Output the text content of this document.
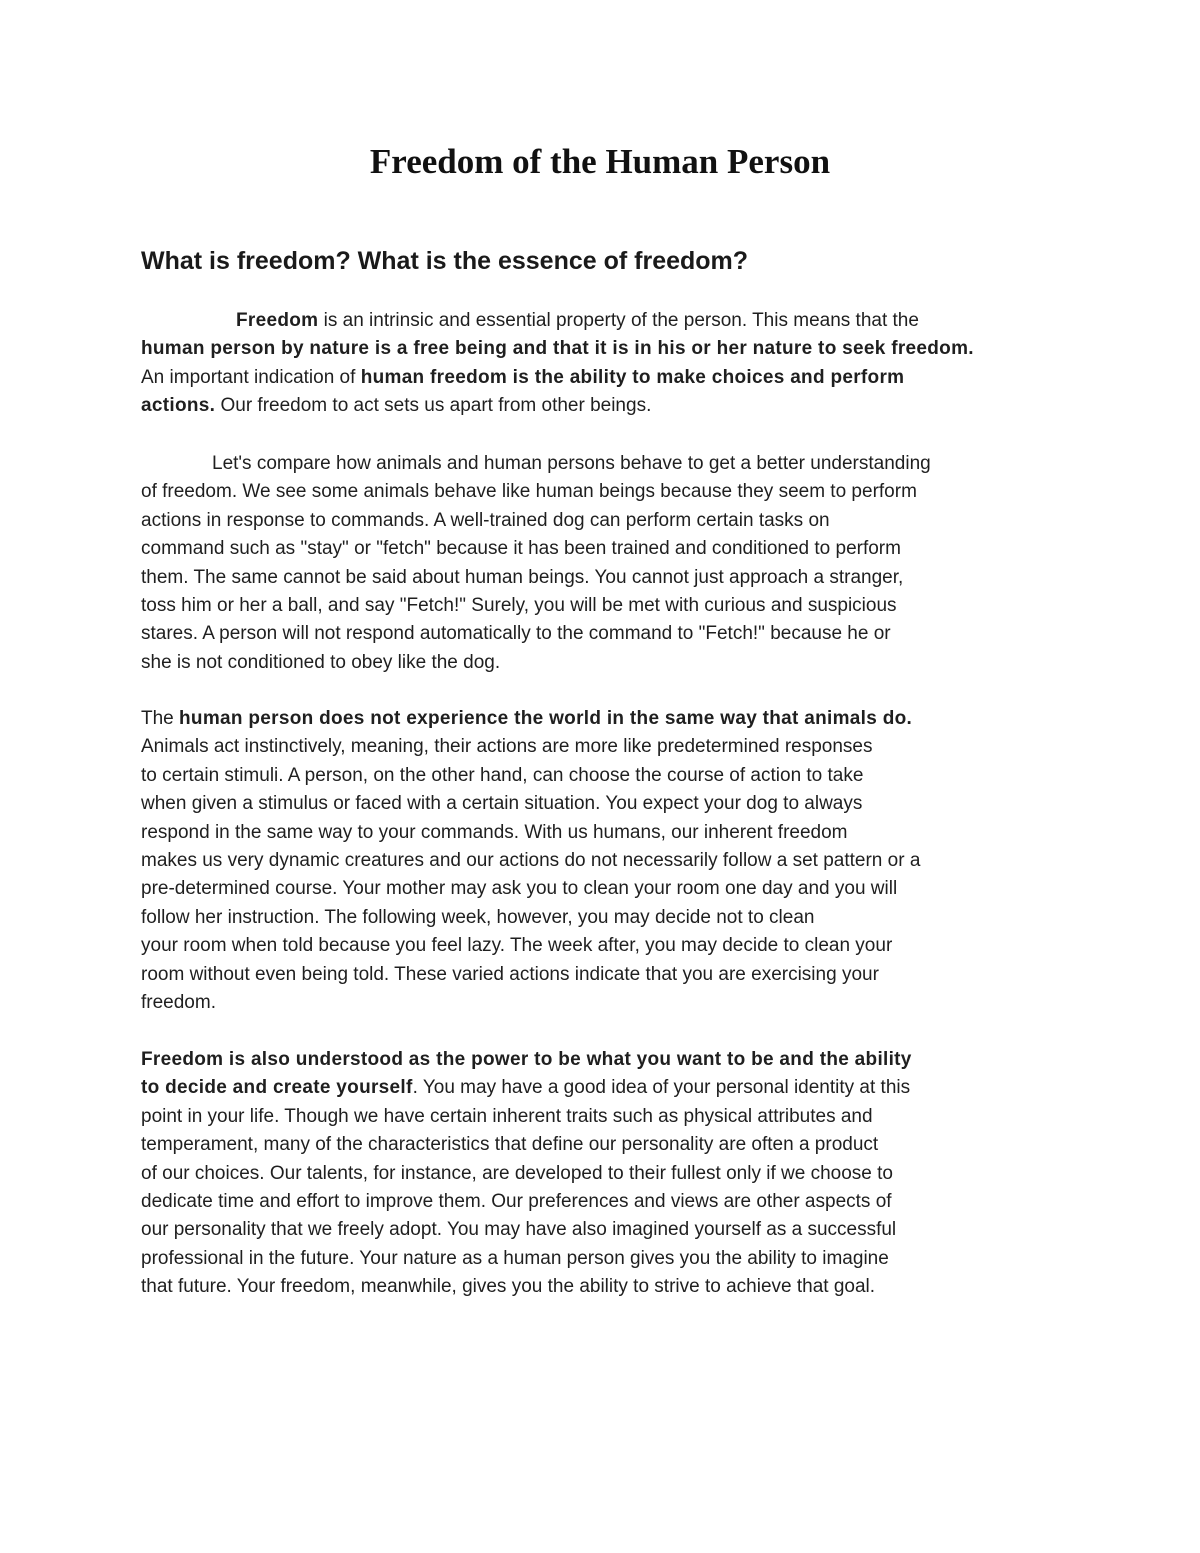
Freedom of the Human Person
What is freedom? What is the essence of freedom?
Freedom is an intrinsic and essential property of the person. This means that the
human person by nature is a free being and that it is in his or her nature to seek freedom.
An important indication of human freedom is the ability to make choices and perform
actions. Our freedom to act sets us apart from other beings.
Let's compare how animals and human persons behave to get a better understanding
of freedom. We see some animals behave like human beings because they seem to perform
actions in response to commands. A well-trained dog can perform certain tasks on
command such as "stay" or "fetch" because it has been trained and conditioned to perform
them. The same cannot be said about human beings. You cannot just approach a stranger,
toss him or her a ball, and say "Fetch!" Surely, you will be met with curious and suspicious
stares. A person will not respond automatically to the command to "Fetch!" because he or
she is not conditioned to obey like the dog.
The human person does not experience the world in the same way that animals do.
Animals act instinctively, meaning, their actions are more like predetermined responses
to certain stimuli. A person, on the other hand, can choose the course of action to take
when given a stimulus or faced with a certain situation. You expect your dog to always
respond in the same way to your commands. With us humans, our inherent freedom
makes us very dynamic creatures and our actions do not necessarily follow a set pattern or a
pre-determined course. Your mother may ask you to clean your room one day and you will
follow her instruction. The following week, however, you may decide not to clean
your room when told because you feel lazy. The week after, you may decide to clean your
room without even being told. These varied actions indicate that you are exercising your
freedom.
Freedom is also understood as the power to be what you want to be and the ability
to decide and create yourself. You may have a good idea of your personal identity at this
point in your life. Though we have certain inherent traits such as physical attributes and
temperament, many of the characteristics that define our personality are often a product
of our choices. Our talents, for instance, are developed to their fullest only if we choose to
dedicate time and effort to improve them. Our preferences and views are other aspects of
our personality that we freely adopt. You may have also imagined yourself as a successful
professional in the future. Your nature as a human person gives you the ability to imagine
that future. Your freedom, meanwhile, gives you the ability to strive to achieve that goal.
